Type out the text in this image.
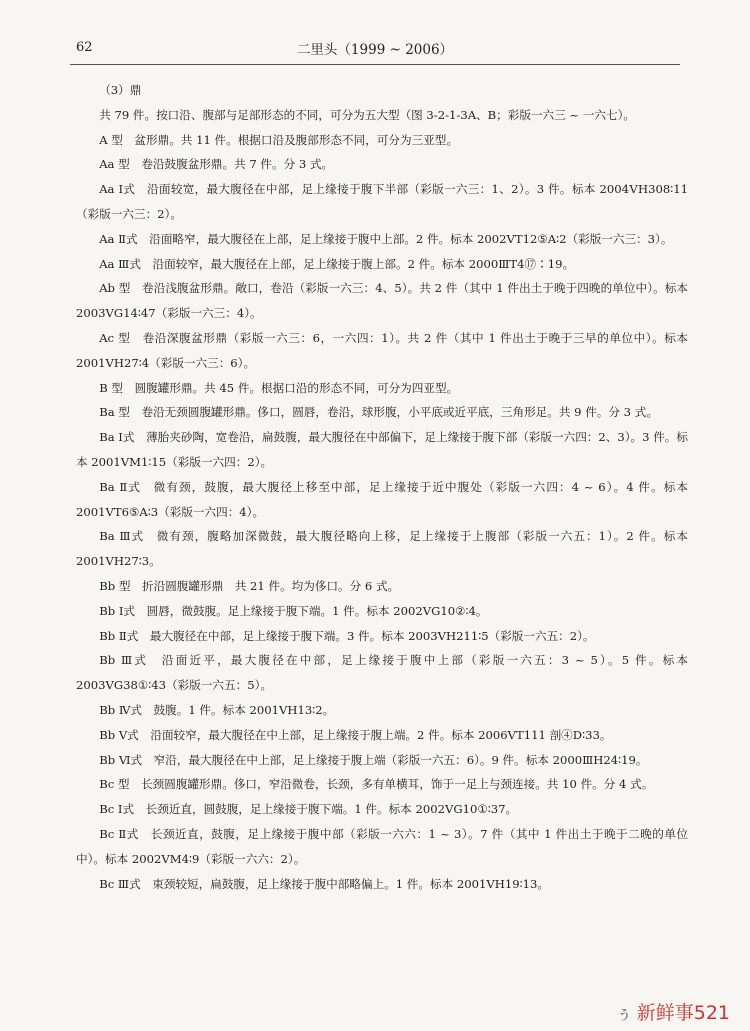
62	二里头（1999 ~ 2006）

（3）鼎

共 79 件。按口沿、腹部与足部形态的不同，可分为五大型（图 3-2-1-3A、B；彩版一六三 ~ 一六七）。

A 型　盆形鼎。共 11 件。根据口沿及腹部形态不同，可分为三亚型。

Aa 型　卷沿鼓腹盆形鼎。共 7 件。分 3 式。

Aa Ⅰ式　沿面较宽，最大腹径在中部，足上缘接于腹下半部（彩版一六三：1、2）。3 件。标本 2004ⅤH308∶11（彩版一六三：2）。

Aa Ⅱ式　沿面略窄，最大腹径在上部，足上缘接于腹中上部。2 件。标本 2002ⅤT12⑤A∶2（彩版一六三：3）。

Aa Ⅲ式　沿面较窄，最大腹径在上部，足上缘接于腹上部。2 件。标本 2000ⅢT4⑰∶19。

Ab 型　卷沿浅腹盆形鼎。敞口，卷沿（彩版一六三：4、5）。共 2 件（其中 1 件出土于晚于四晚的单位中）。标本 2003ⅤG14∶47（彩版一六三：4）。

Ac 型　卷沿深腹盆形鼎（彩版一六三：6，一六四：1）。共 2 件（其中 1 件出土于晚于三早的单位中）。标本 2001ⅤH27∶4（彩版一六三：6）。

B 型　圆腹罐形鼎。共 45 件。根据口沿的形态不同，可分为四亚型。

Ba 型　卷沿无颈圆腹罐形鼎。侈口，圆唇，卷沿，球形腹，小平底或近平底，三角形足。共 9 件。分 3 式。

Ba Ⅰ式　薄胎夹砂陶，宽卷沿，扁鼓腹，最大腹径在中部偏下，足上缘接于腹下部（彩版一六四：2、3）。3 件。标本 2001ⅤM1∶15（彩版一六四：2）。

Ba Ⅱ式　微有颈，鼓腹，最大腹径上移至中部，足上缘接于近中腹处（彩版一六四：4 ~ 6）。4 件。标本 2001ⅤT6⑤A∶3（彩版一六四：4）。

Ba Ⅲ式　微有颈，腹略加深微鼓，最大腹径略向上移，足上缘接于上腹部（彩版一六五：1）。2 件。标本 2001ⅤH27∶3。

Bb 型　折沿圆腹罐形鼎　共 21 件。均为侈口。分 6 式。

Bb Ⅰ式　圆唇，微鼓腹。足上缘接于腹下端。1 件。标本 2002ⅤG10②∶4。

Bb Ⅱ式　最大腹径在中部，足上缘接于腹下端。3 件。标本 2003ⅤH211∶5（彩版一六五：2）。

Bb Ⅲ式　沿面近平，最大腹径在中部，足上缘接于腹中上部（彩版一六五：3 ~ 5）。5 件。标本 2003ⅤG38①∶43（彩版一六五：5）。

Bb Ⅳ式　鼓腹。1 件。标本 2001ⅤH13∶2。

Bb Ⅴ式　沿面较窄，最大腹径在中上部，足上缘接于腹上端。2 件。标本 2006ⅤT111 剖④D∶33。

Bb Ⅵ式　窄沿，最大腹径在中上部，足上缘接于腹上端（彩版一六五：6）。9 件。标本 2000ⅢH24∶19。

Bc 型　长颈圆腹罐形鼎。侈口，窄沿微卷，长颈，多有单横耳，饰于一足上与颈连接。共 10 件。分 4 式。

Bc Ⅰ式　长颈近直，圆鼓腹，足上缘接于腹下端。1 件。标本 2002ⅤG10①∶37。

Bc Ⅱ式　长颈近直，鼓腹，足上缘接于腹中部（彩版一六六：1 ~ 3）。7 件（其中 1 件出土于晚于二晚的单位中）。标本 2002ⅤM4∶9（彩版一六六：2）。

Bc Ⅲ式　束颈较短，扁鼓腹，足上缘接于腹中部略偏上。1 件。标本 2001ⅤH19∶13。

ぅ 新鲜事521
